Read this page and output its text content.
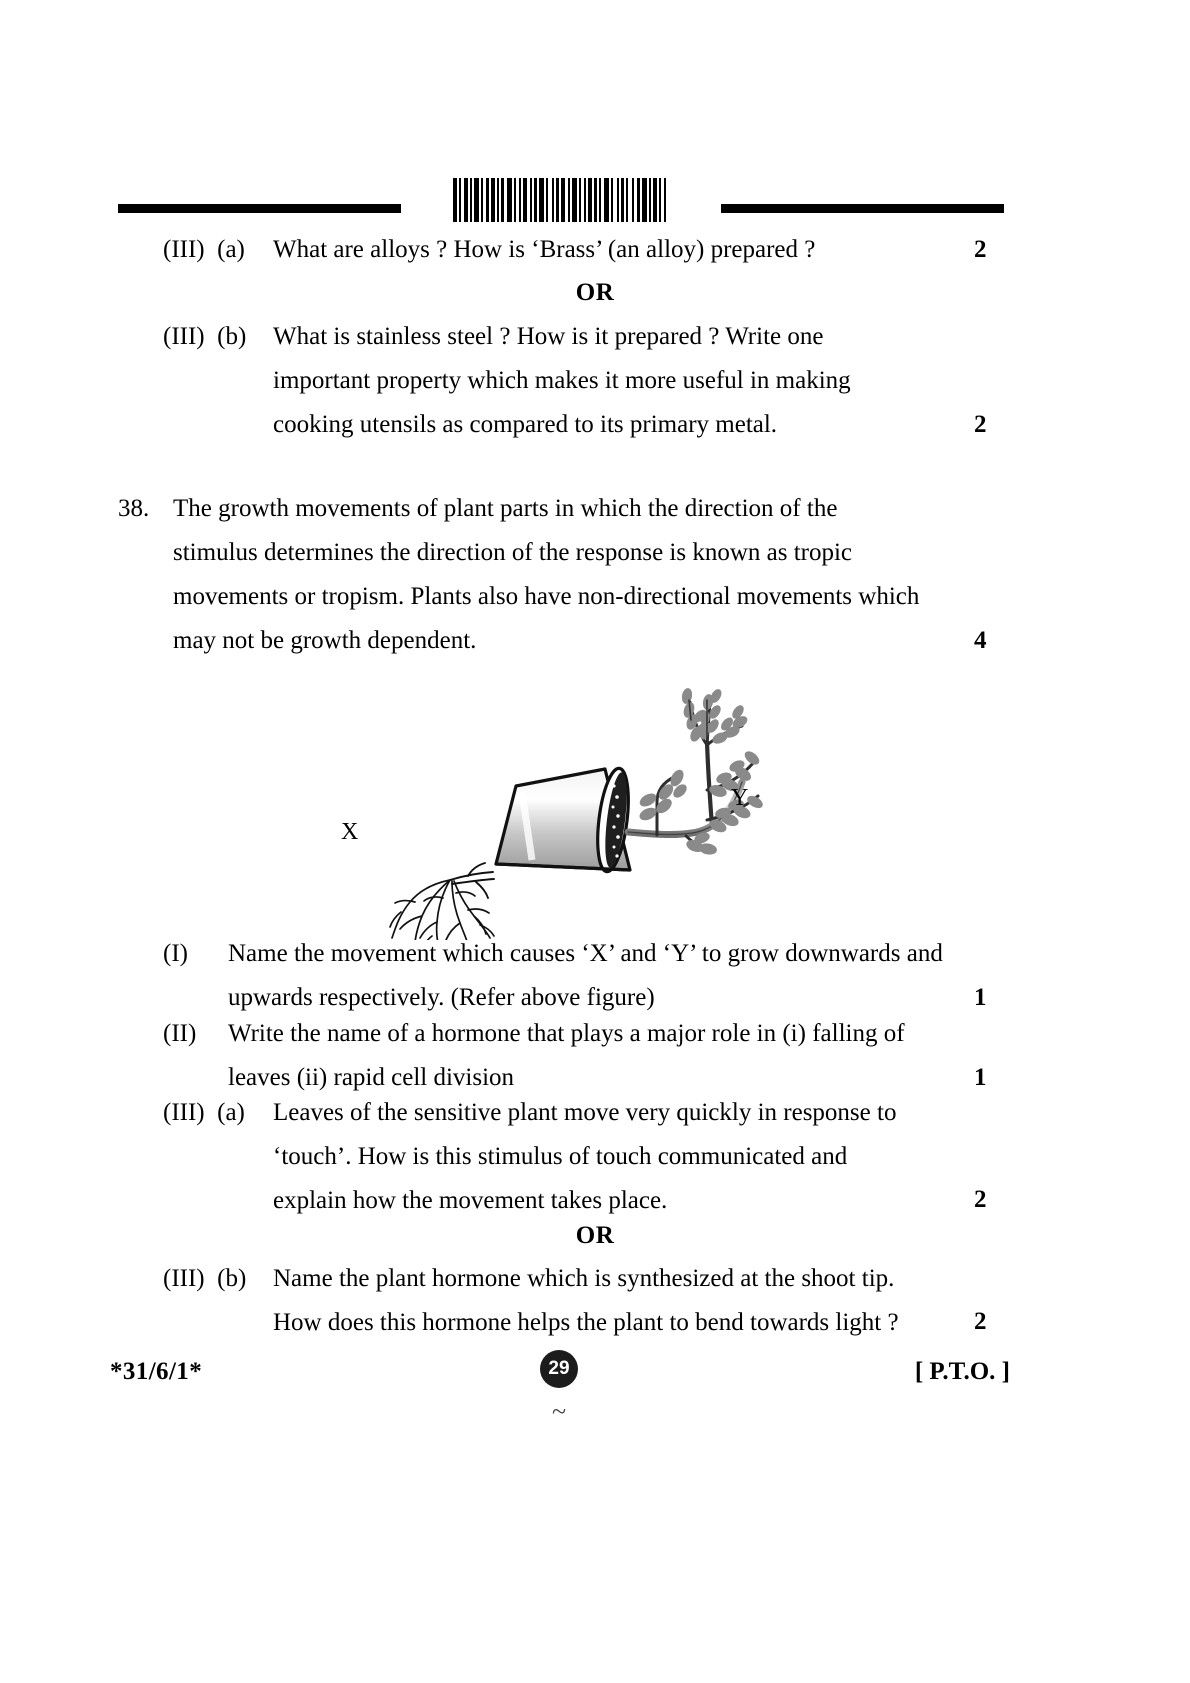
(III)  (a)	What are alloys ? How is ‘Brass’ (an alloy) prepared ?	2
OR
(III)  (b)	What is stainless steel ? How is it prepared ? Write one

important property which makes it more useful in making

cooking utensils as compared to its primary metal.	2
38. The growth movements of plant parts in which the direction of the

stimulus determines the direction of the response is known as tropic

movements or tropism. Plants also have non-directional movements which

may not be growth dependent.	4
X
Y
(I)	Name the movement which causes ‘X’ and ‘Y’ to grow downwards and

upwards respectively. (Refer above figure)	1
(II)	Write the name of a hormone that plays a major role in (i) falling of

leaves (ii) rapid cell division	1
(III)  (a)	Leaves of the sensitive plant move very quickly in response to

‘touch’. How is this stimulus of touch communicated and

explain how the movement takes place.	2
OR
(III)  (b)	Name the plant hormone which is synthesized at the shoot tip.

How does this hormone helps the plant to bend towards light ?	2
*31/6/1*	29
~
[ P.T.O. ]
